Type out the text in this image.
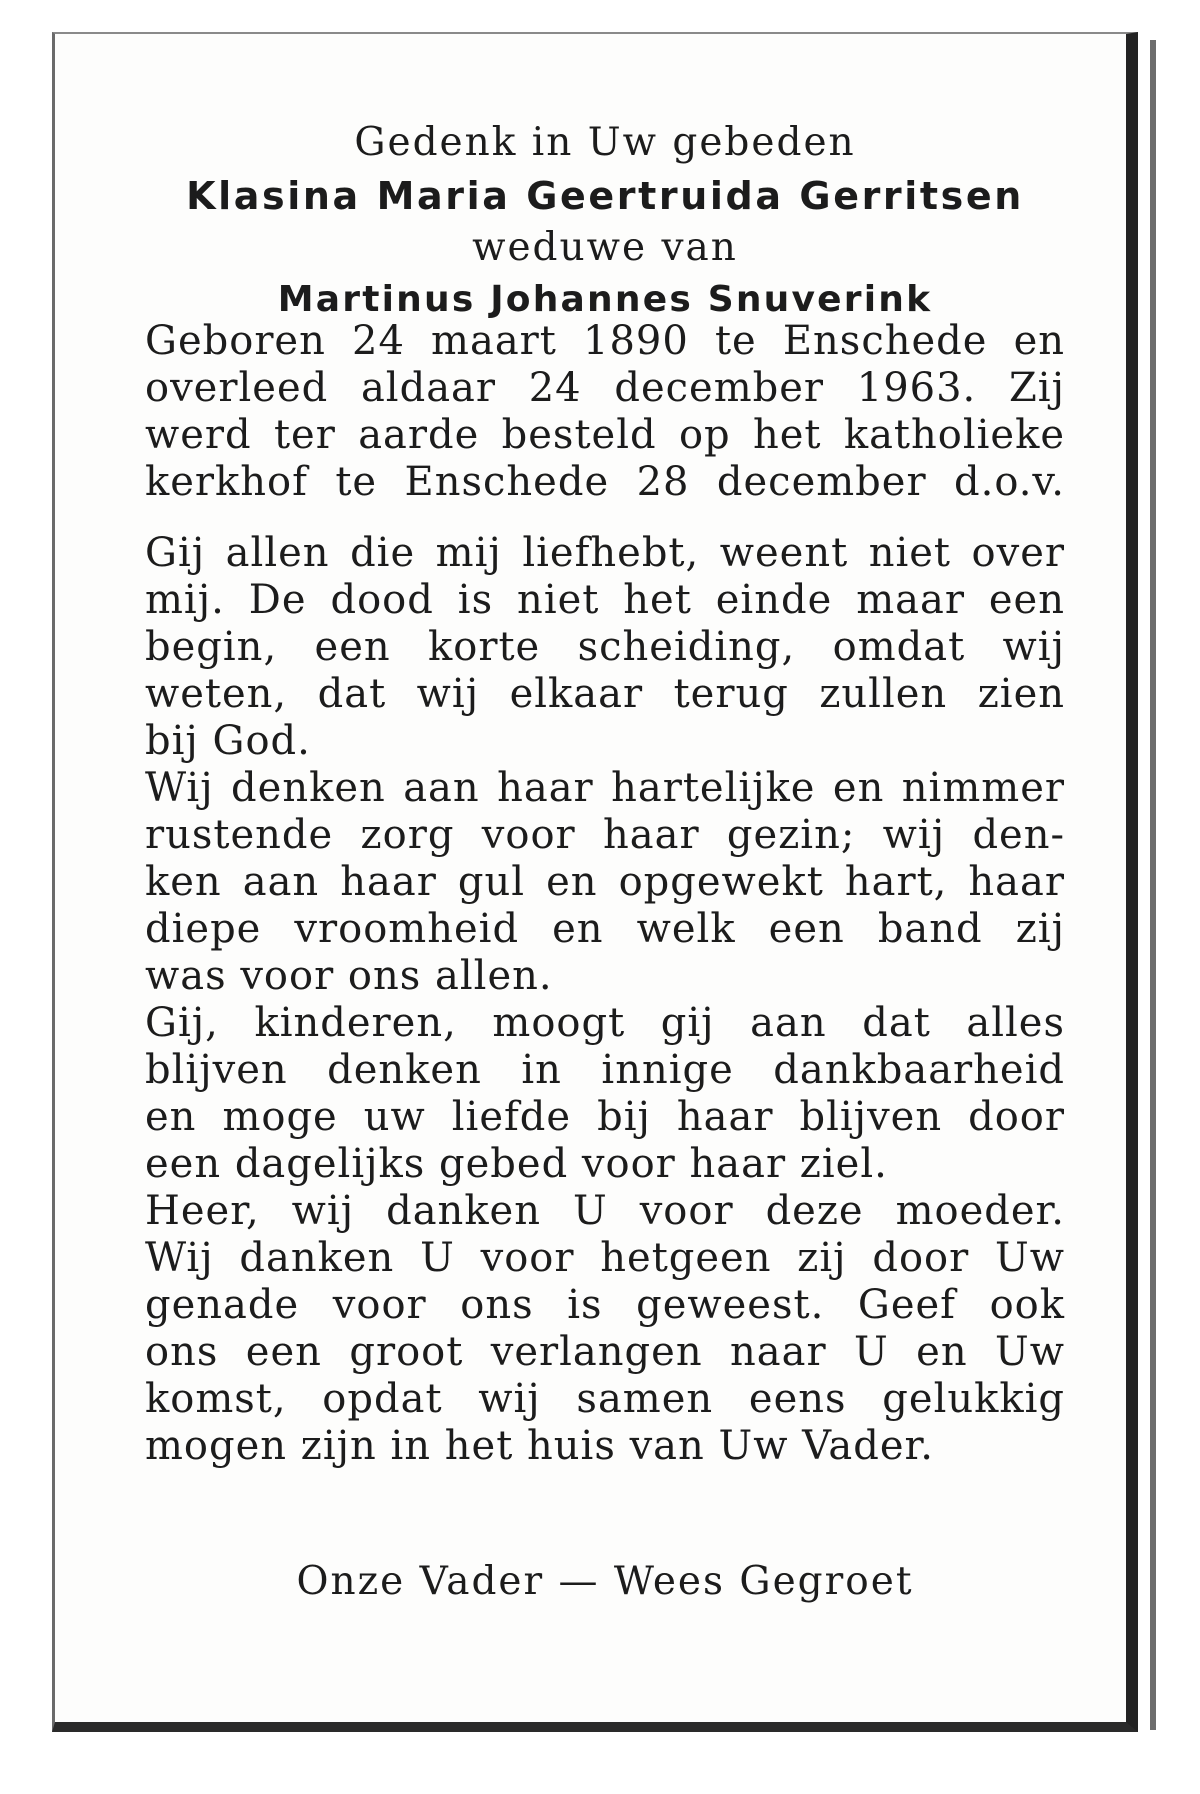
Gedenk in Uw gebeden
Klasina Maria Geertruida Gerritsen
weduwe van
Martinus Johannes Snuverink
Geboren 24 maart 1890 te Enschede en
overleed aldaar 24 december 1963. Zij
werd ter aarde besteld op het katholieke
kerkhof te Enschede 28 december d.o.v.
Gij allen die mij liefhebt, weent niet over
mij. De dood is niet het einde maar een
begin, een korte scheiding, omdat wij
weten, dat wij elkaar terug zullen zien
bij God.
Wij denken aan haar hartelijke en nimmer
rustende zorg voor haar gezin; wij den-
ken aan haar gul en opgewekt hart, haar
diepe vroomheid en welk een band zij
was voor ons allen.
Gij, kinderen, moogt gij aan dat alles
blijven denken in innige dankbaarheid
en moge uw liefde bij haar blijven door
een dagelijks gebed voor haar ziel.
Heer, wij danken U voor deze moeder.
Wij danken U voor hetgeen zij door Uw
genade voor ons is geweest. Geef ook
ons een groot verlangen naar U en Uw
komst, opdat wij samen eens gelukkig
mogen zijn in het huis van Uw Vader.
Onze Vader — Wees Gegroet
